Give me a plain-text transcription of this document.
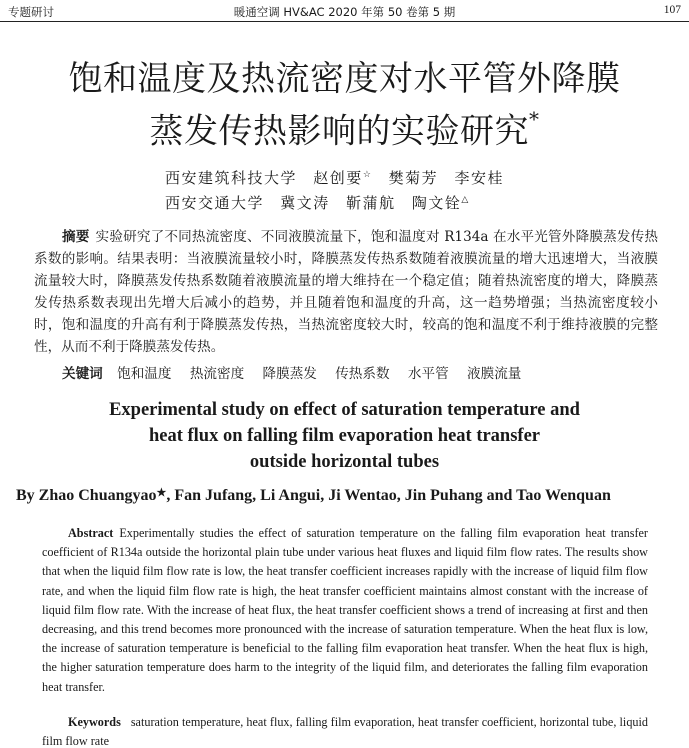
专题研讨	暖通空调 HV&AC 2020 年第 50 卷第 5 期	107
饱和温度及热流密度对水平管外降膜
蒸发传热影响的实验研究*
西安建筑科技大学 赵创要☆ 樊菊芳 李安桂
西安交通大学 冀文涛 靳蒲航 陶文铨△
摘要 实验研究了不同热流密度、不同液膜流量下，饱和温度对 R134a 在水平光管外降膜蒸发传热系数的影响。结果表明：当液膜流量较小时，降膜蒸发传热系数随着液膜流量的增大迅速增大，当液膜流量较大时，降膜蒸发传热系数随着液膜流量的增大维持在一个稳定值；随着热流密度的增大，降膜蒸发传热系数表现出先增大后减小的趋势，并且随着饱和温度的升高，这一趋势增强；当热流密度较小时，饱和温度的升高有利于降膜蒸发传热，当热流密度较大时，较高的饱和温度不利于维持液膜的完整性，从而不利于降膜蒸发传热。
关键词 饱和温度 热流密度 降膜蒸发 传热系数 水平管 液膜流量
Experimental study on effect of saturation temperature and
heat flux on falling film evaporation heat transfer
outside horizontal tubes
By Zhao Chuangyao★, Fan Jufang, Li Angui, Ji Wentao, Jin Puhang and Tao Wenquan
Abstract Experimentally studies the effect of saturation temperature on the falling film evaporation heat transfer coefficient of R134a outside the horizontal plain tube under various heat fluxes and liquid film flow rates. The results show that when the liquid film flow rate is low, the heat transfer coefficient increases rapidly with the increase of liquid film flow rate, and when the liquid film flow rate is high, the heat transfer coefficient maintains almost constant with the increase of liquid film flow rate. With the increase of heat flux, the heat transfer coefficient shows a trend of increasing at first and then decreasing, and this trend becomes more pronounced with the increase of saturation temperature. When the heat flux is low, the increase of saturation temperature is beneficial to the falling film evaporation heat transfer. When the heat flux is high, the higher saturation temperature does harm to the integrity of the liquid film, and deteriorates the falling film evaporation heat transfer.
Keywords saturation temperature, heat flux, falling film evaporation, heat transfer coefficient, horizontal tube, liquid film flow rate
